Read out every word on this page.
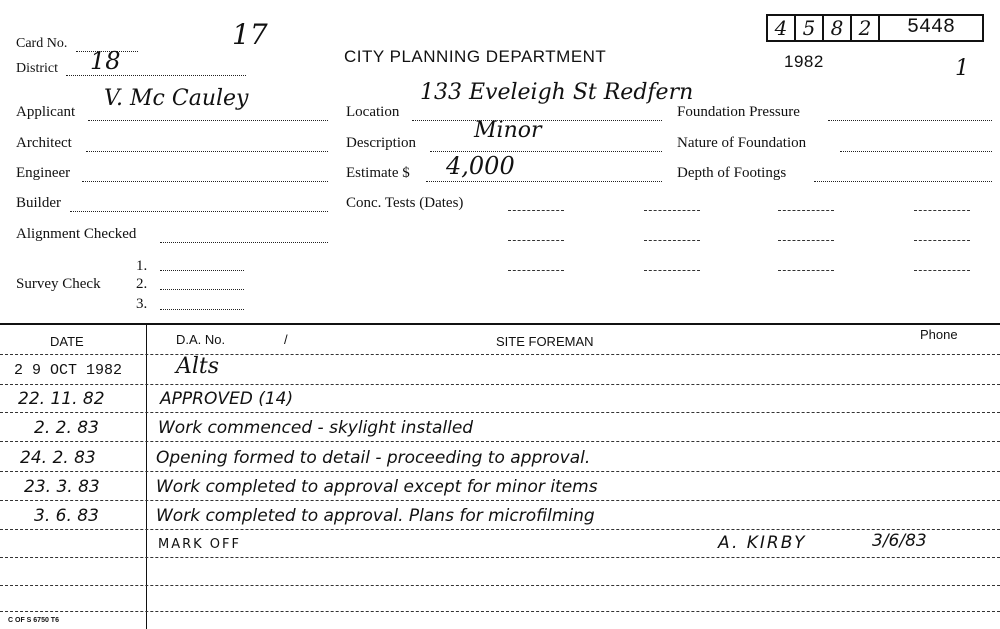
Card No.	17
District 18	CITY PLANNING DEPARTMENT	1982	1
4 5 8 2	5448
Applicant
V. Mc Cauley
Architect
Engineer
Builder
Alignment Checked
Survey Check
1.
2.
3.
Location
133 Eveleigh St Redfern
Description	Minor
Estimate $ 4,000
Conc. Tests (Dates)
Foundation Pressure
Nature of Foundation
Depth of Footings
DATE	D.A. No.	/	SITE FOREMAN	Phone
2 9 OCT 1982 Alts
22. 11. 82	APPROVED (14)
2. 2. 83	Work commenced - skylight installed
24. 2. 83	Opening formed to detail - proceeding to approval.
23. 3. 83	Work completed to approval except for minor items
3. 6. 83	Work completed to approval. Plans for microfilming
MARK OFF	A. KIRBY	3/6/83
C OF S 6750 T6
